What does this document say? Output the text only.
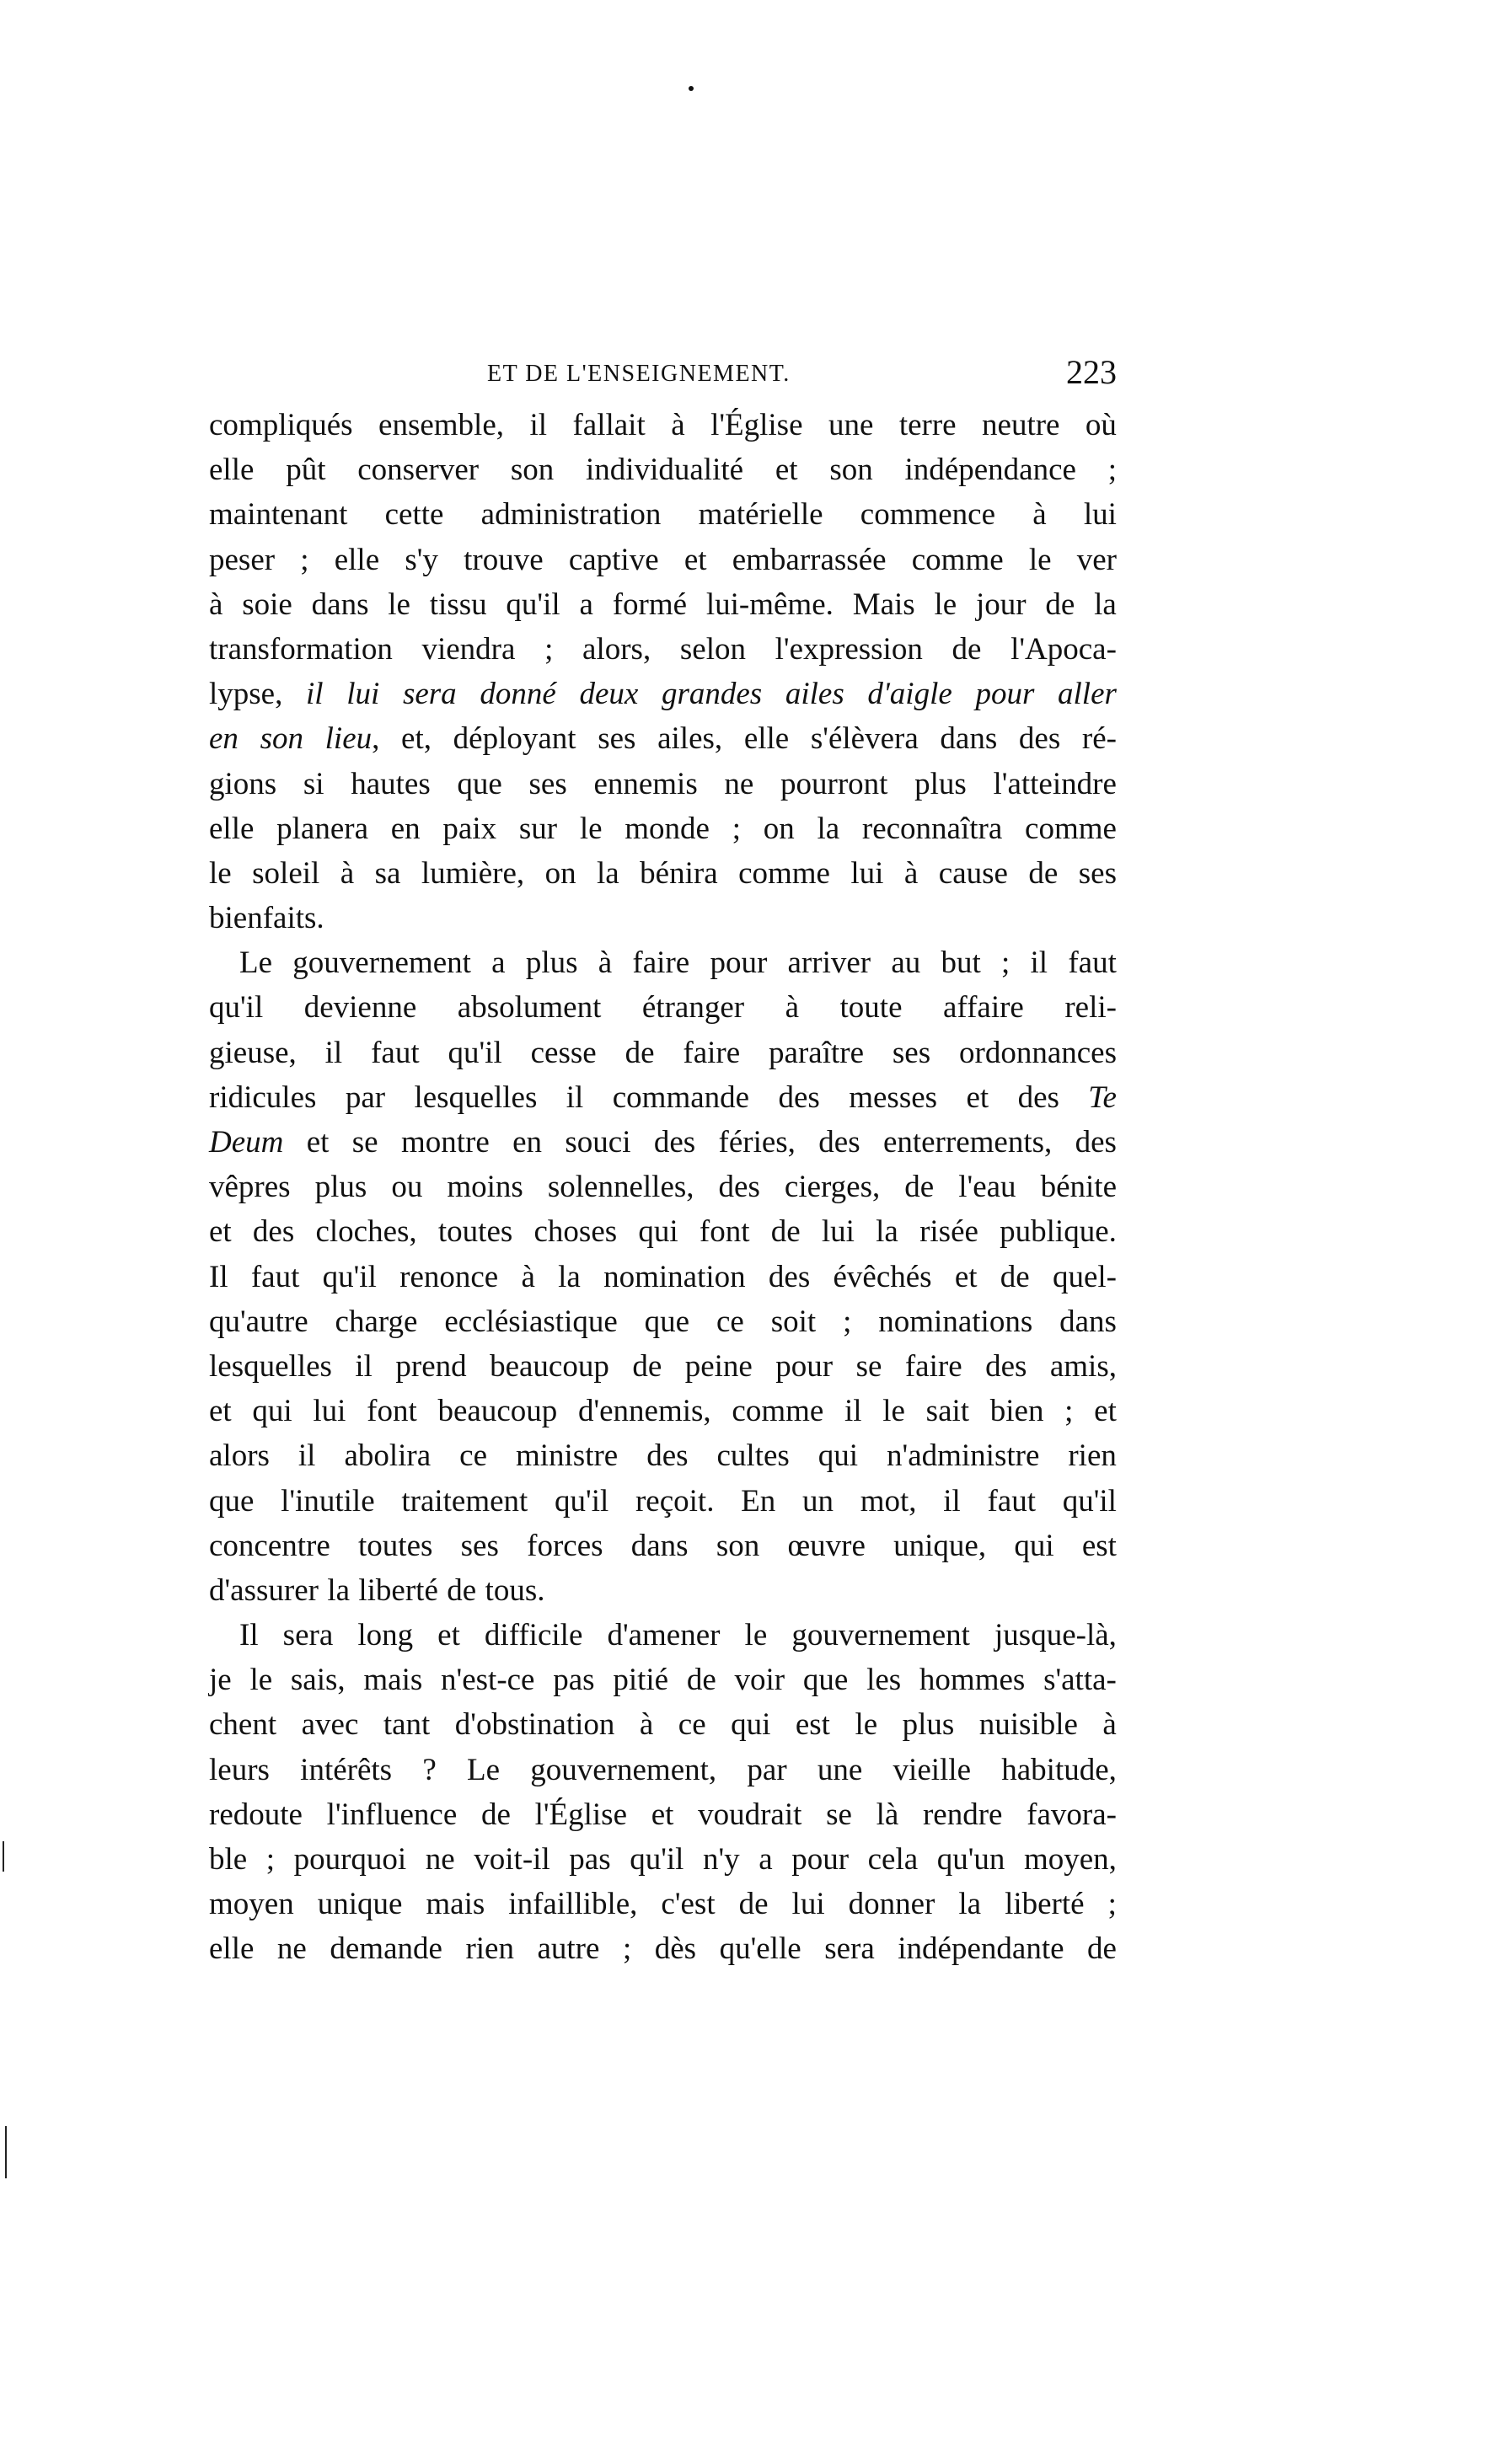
ET DE L'ENSEIGNEMENT.	223
compliqués ensemble, il fallait à l'Église une terre neutre où
elle pût conserver son individualité et son indépendance ;
maintenant cette administration matérielle commence à lui
peser ; elle s'y trouve captive et embarrassée comme le ver
à soie dans le tissu qu'il a formé lui-même. Mais le jour de la
transformation viendra ; alors, selon l'expression de l'Apoca-
lypse, il lui sera donné deux grandes ailes d'aigle pour aller
en son lieu, et, déployant ses ailes, elle s'élèvera dans des ré-
gions si hautes que ses ennemis ne pourront plus l'atteindre
elle planera en paix sur le monde ; on la reconnaîtra comme
le soleil à sa lumière, on la bénira comme lui à cause de ses
bienfaits.
Le gouvernement a plus à faire pour arriver au but ; il faut
qu'il devienne absolument étranger à toute affaire reli-
gieuse, il faut qu'il cesse de faire paraître ses ordonnances
ridicules par lesquelles il commande des messes et des Te
Deum et se montre en souci des féries, des enterrements, des
vêpres plus ou moins solennelles, des cierges, de l'eau bénite
et des cloches, toutes choses qui font de lui la risée publique.
Il faut qu'il renonce à la nomination des évêchés et de quel-
qu'autre charge ecclésiastique que ce soit ; nominations dans
lesquelles il prend beaucoup de peine pour se faire des amis,
et qui lui font beaucoup d'ennemis, comme il le sait bien ; et
alors il abolira ce ministre des cultes qui n'administre rien
que l'inutile traitement qu'il reçoit. En un mot, il faut qu'il
concentre toutes ses forces dans son œuvre unique, qui est
d'assurer la liberté de tous.
Il sera long et difficile d'amener le gouvernement jusque-là,
je le sais, mais n'est-ce pas pitié de voir que les hommes s'atta-
chent avec tant d'obstination à ce qui est le plus nuisible à
leurs intérêts ? Le gouvernement, par une vieille habitude,
redoute l'influence de l'Église et voudrait se là rendre favora-
ble ; pourquoi ne voit-il pas qu'il n'y a pour cela qu'un moyen,
moyen unique mais infaillible, c'est de lui donner la liberté ;
elle ne demande rien autre ; dès qu'elle sera indépendante de
